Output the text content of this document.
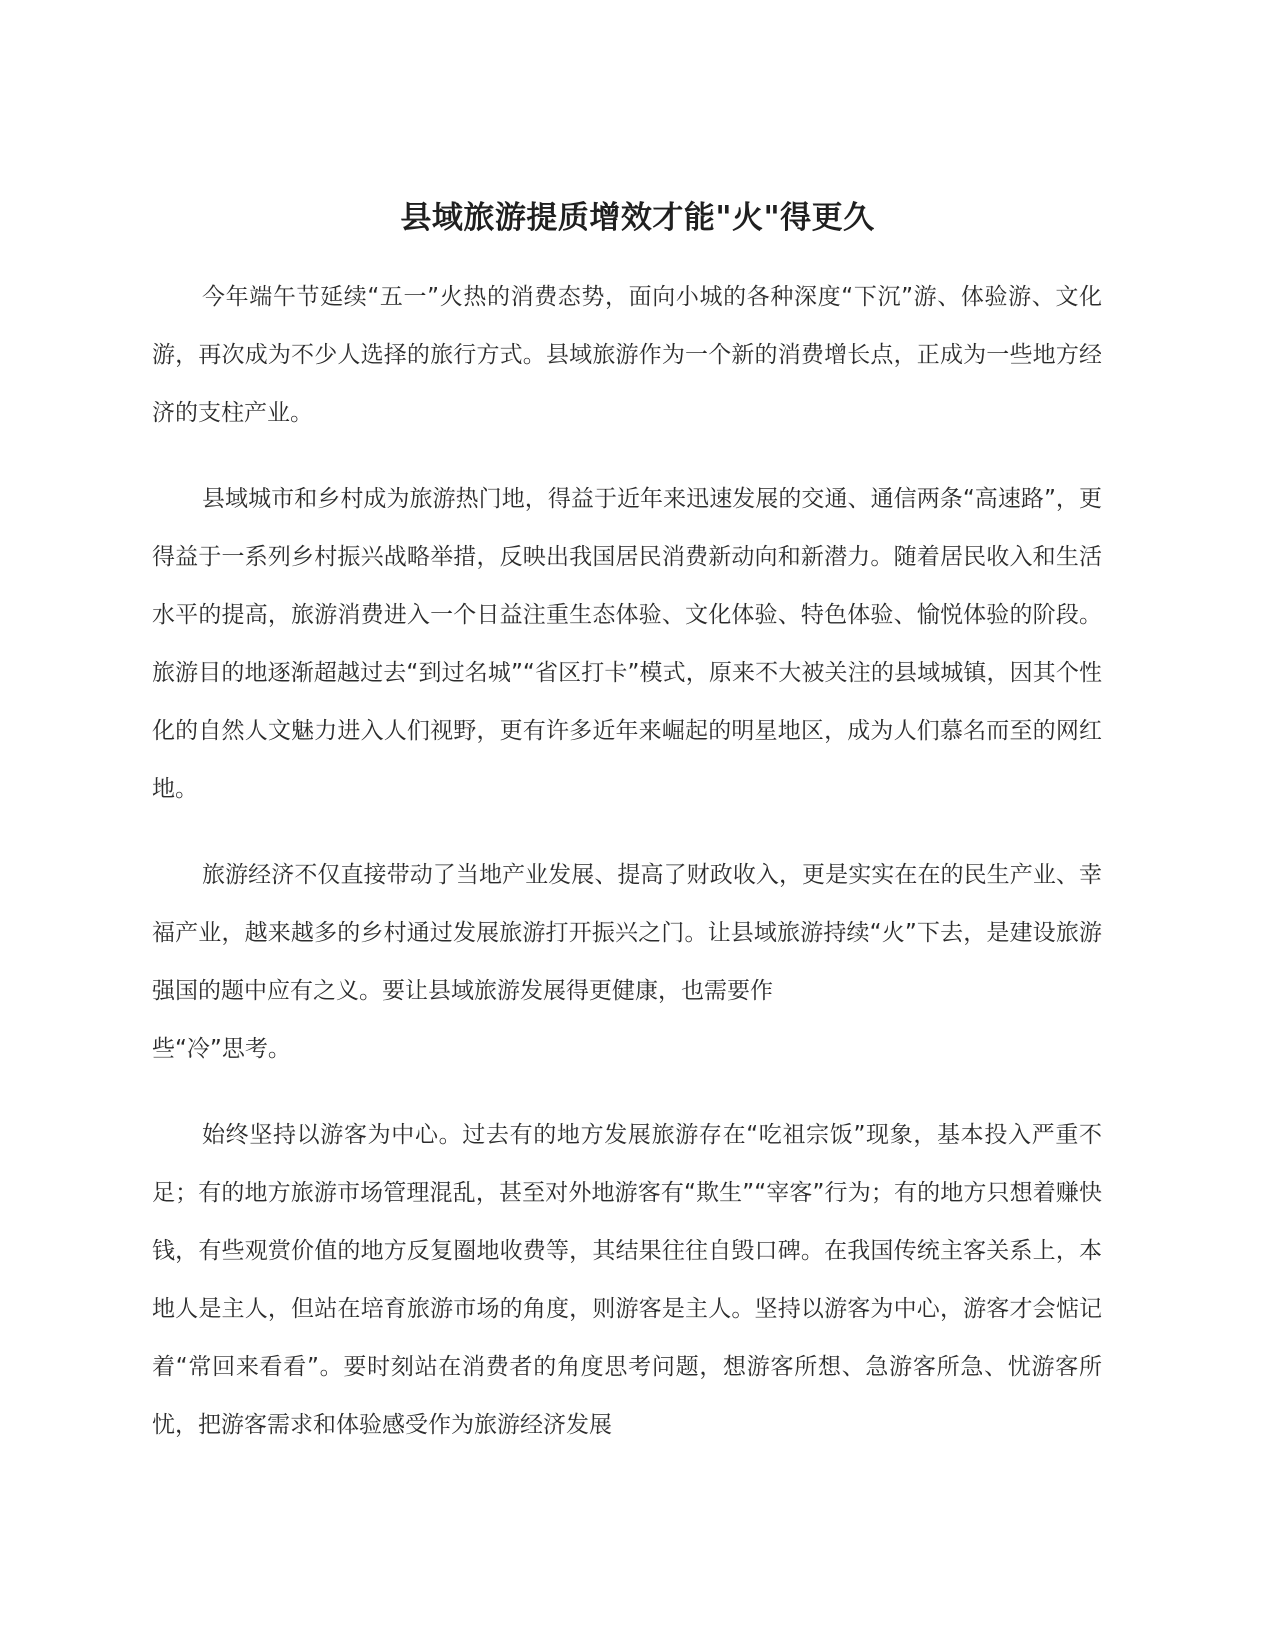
县域旅游提质增效才能"火"得更久

今年端午节延续“五一”火热的消费态势，面向小城的各种深度“下沉”游、体验游、文化游，再次成为不少人选择的旅行方式。县域旅游作为一个新的消费增长点，正成为一些地方经济的支柱产业。

县域城市和乡村成为旅游热门地，得益于近年来迅速发展的交通、通信两条“高速路”，更得益于一系列乡村振兴战略举措，反映出我国居民消费新动向和新潜力。随着居民收入和生活水平的提高，旅游消费进入一个日益注重生态体验、文化体验、特色体验、愉悦体验的阶段。旅游目的地逐渐超越过去“到过名城”“省区打卡”模式，原来不大被关注的县域城镇，因其个性化的自然人文魅力进入人们视野，更有许多近年来崛起的明星地区，成为人们慕名而至的网红地。

旅游经济不仅直接带动了当地产业发展、提高了财政收入，更是实实在在的民生产业、幸福产业，越来越多的乡村通过发展旅游打开振兴之门。让县域旅游持续“火”下去，是建设旅游强国的题中应有之义。要让县域旅游发展得更健康，也需要作
些“冷”思考。

始终坚持以游客为中心。过去有的地方发展旅游存在“吃祖宗饭”现象，基本投入严重不足；有的地方旅游市场管理混乱，甚至对外地游客有“欺生”“宰客”行为；有的地方只想着赚快钱，有些观赏价值的地方反复圈地收费等，其结果往往自毁口碑。在我国传统主客关系上，本地人是主人，但站在培育旅游市场的角度，则游客是主人。坚持以游客为中心，游客才会惦记着“常回来看看”。要时刻站在消费者的角度思考问题，想游客所想、急游客所急、忧游客所忧，把游客需求和体验感受作为旅游经济发展
